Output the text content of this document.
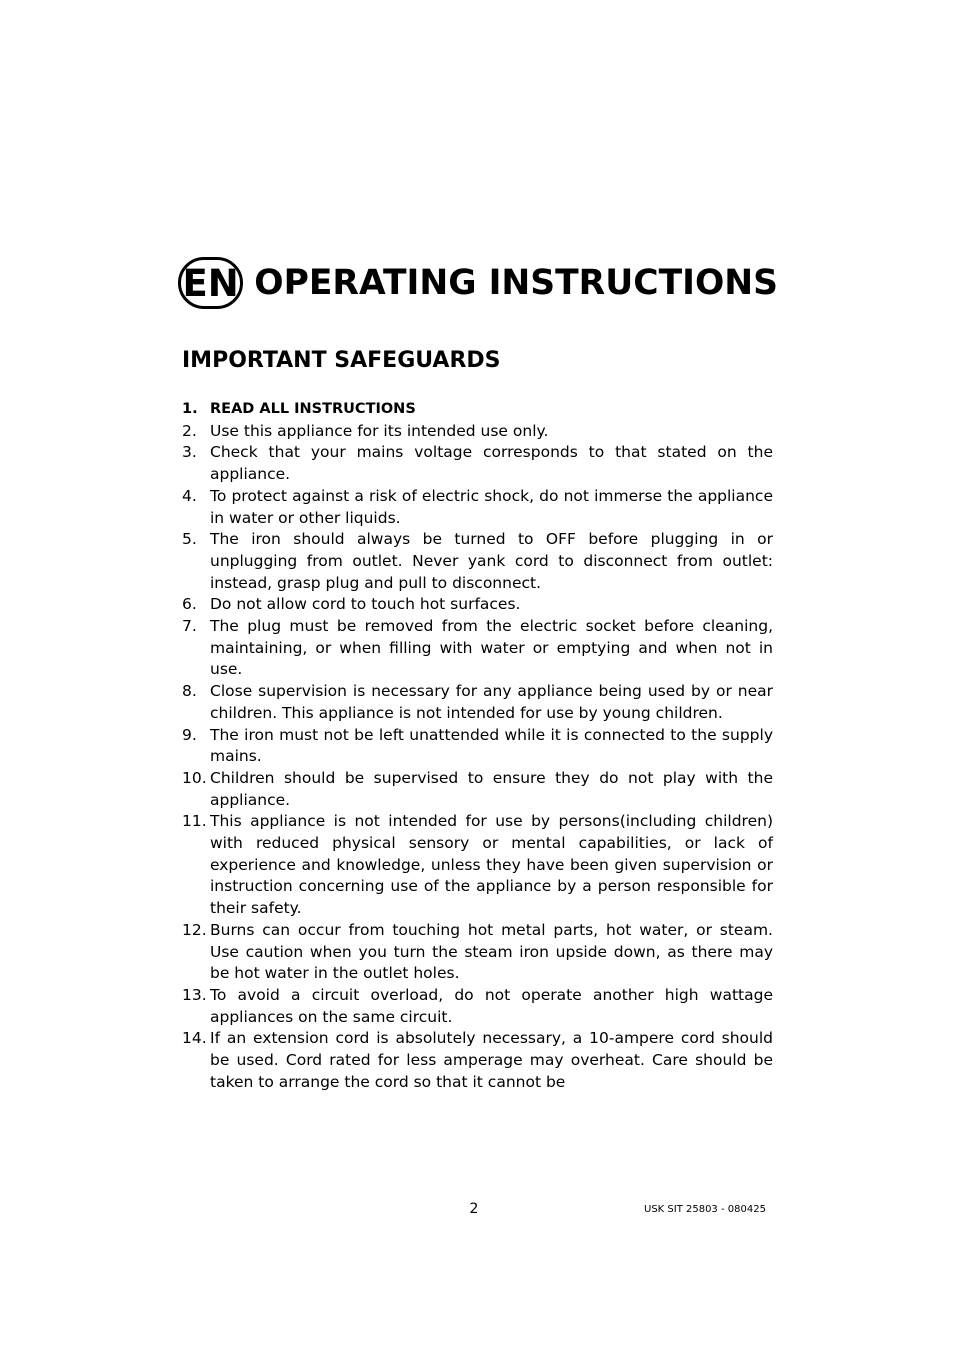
EN OPERATING INSTRUCTIONS
IMPORTANT SAFEGUARDS
1. READ ALL INSTRUCTIONS
2. Use this appliance for its intended use only.
3. Check that your mains voltage corresponds to that stated on the appliance.
4. To protect against a risk of electric shock, do not immerse the appliance in water or other liquids.
5. The iron should always be turned to OFF before plugging in or unplugging from outlet. Never yank cord to disconnect from outlet: instead, grasp plug and pull to disconnect.
6. Do not allow cord to touch hot surfaces.
7. The plug must be removed from the electric socket before cleaning, maintaining, or when filling with water or emptying and when not in use.
8. Close supervision is necessary for any appliance being used by or near children. This appliance is not intended for use by young children.
9. The iron must not be left unattended while it is connected to the supply mains.
10. Children should be supervised to ensure they do not play with the appliance.
11. This appliance is not intended for use by persons(including children) with reduced physical sensory or mental capabilities, or lack of experience and knowledge, unless they have been given supervision or instruction concerning use of the appliance by a person responsible for their safety.
12. Burns can occur from touching hot metal parts, hot water, or steam. Use caution when you turn the steam iron upside down, as there may be hot water in the outlet holes.
13. To avoid a circuit overload, do not operate another high wattage appliances on the same circuit.
14. If an extension cord is absolutely necessary, a 10-ampere cord should be used. Cord rated for less amperage may overheat. Care should be taken to arrange the cord so that it cannot be
2	USK SIT 25803 - 080425
